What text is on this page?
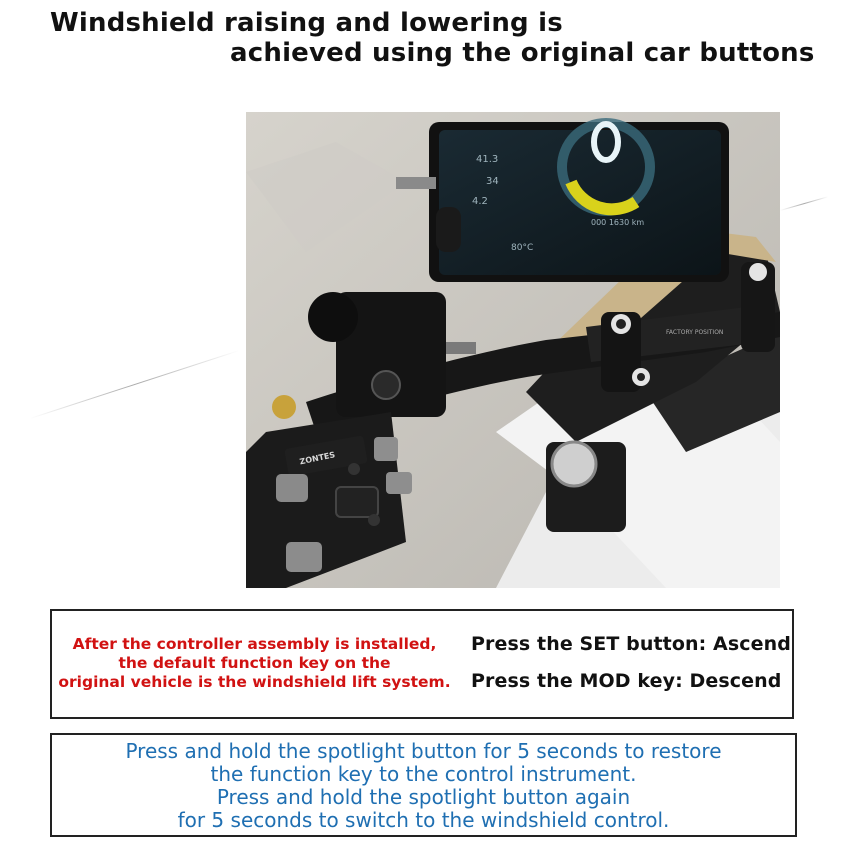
Windshield raising and lowering is
achieved using the original car buttons
41.3
34
4.2
80°C
000 1630 km
FACTORY POSITION
ZONTES
After the controller assembly is installed,
the default function key on the
original vehicle is the windshield lift system.
Press the SET button: Ascend
Press the MOD key: Descend
Press and hold the spotlight button for 5 seconds to restore
the function key to the control instrument.
Press and hold the spotlight button again
for 5 seconds to switch to the windshield control.
